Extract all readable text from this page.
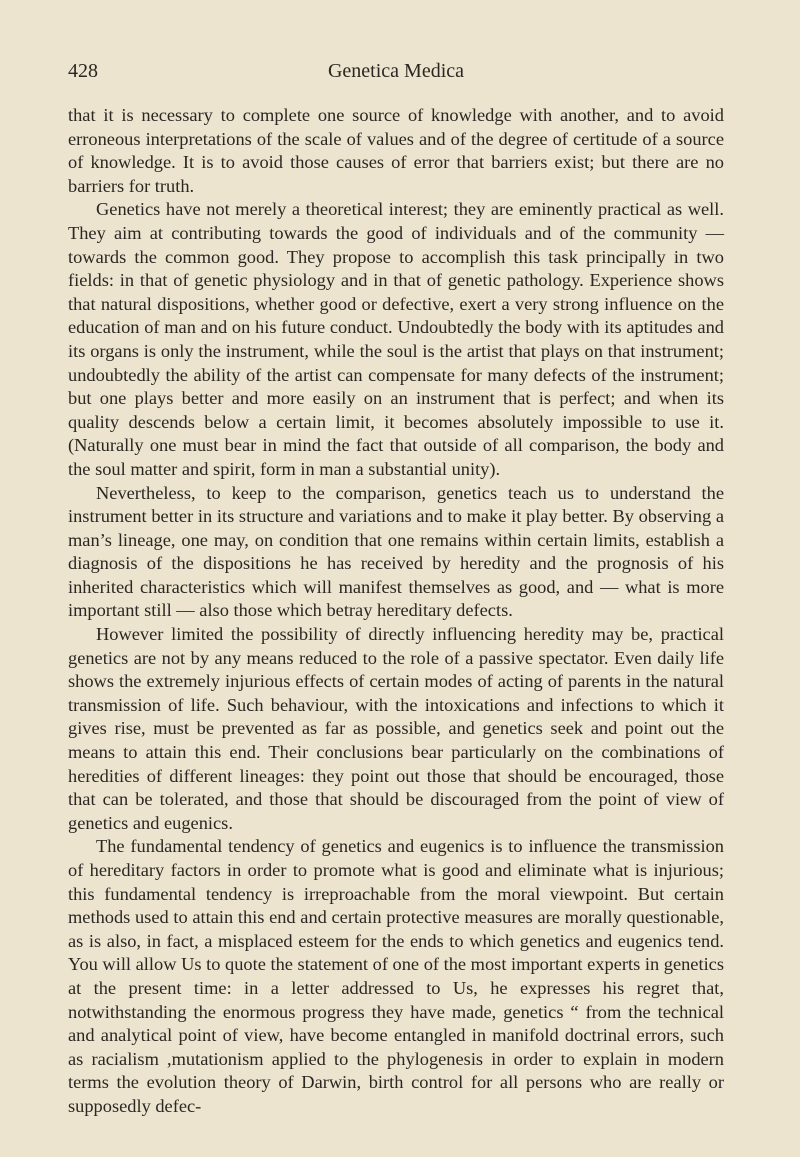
428	Genetica Medica

that it is necessary to complete one source of knowledge with another, and to avoid erroneous interpretations of the scale of values and of the degree of certitude of a source of knowledge. It is to avoid those causes of error that barriers exist; but there are no barriers for truth.

Genetics have not merely a theoretical interest; they are eminently practical as well. They aim at contributing towards the good of individuals and of the community — towards the common good. They propose to accomplish this task principally in two fields: in that of genetic physiology and in that of genetic pathology. Experience shows that natural dispositions, whether good or defective, exert a very strong influence on the education of man and on his future conduct. Undoubtedly the body with its aptitudes and its organs is only the instrument, while the soul is the artist that plays on that instrument; undoubtedly the ability of the artist can compensate for many defects of the instrument; but one plays better and more easily on an instrument that is perfect; and when its quality descends below a certain limit, it becomes absolutely impossible to use it. (Naturally one must bear in mind the fact that outside of all comparison, the body and the soul matter and spirit, form in man a substantial unity).

Nevertheless, to keep to the comparison, genetics teach us to understand the instrument better in its structure and variations and to make it play better. By observing a man’s lineage, one may, on condition that one remains within certain limits, establish a diagnosis of the dispositions he has received by heredity and the prognosis of his inherited characteristics which will manifest themselves as good, and — what is more important still — also those which betray hereditary defects.

However limited the possibility of directly influencing heredity may be, practical genetics are not by any means reduced to the role of a passive spectator. Even daily life shows the extremely injurious effects of certain modes of acting of parents in the natural transmission of life. Such behaviour, with the intoxications and infections to which it gives rise, must be prevented as far as possible, and genetics seek and point out the means to attain this end. Their conclusions bear particularly on the combinations of heredities of different lineages: they point out those that should be encouraged, those that can be tolerated, and those that should be discouraged from the point of view of genetics and eugenics.

The fundamental tendency of genetics and eugenics is to influence the transmission of hereditary factors in order to promote what is good and eliminate what is injurious; this fundamental tendency is irreproachable from the moral viewpoint. But certain methods used to attain this end and certain protective measures are morally questionable, as is also, in fact, a misplaced esteem for the ends to which genetics and eugenics tend. You will allow Us to quote the statement of one of the most important experts in genetics at the present time: in a letter addressed to Us, he expresses his regret that, notwithstanding the enormous progress they have made, genetics “ from the technical and analytical point of view, have become entangled in manifold doctrinal errors, such as racialism ,mutationism applied to the phylogenesis in order to explain in modern terms the evolution theory of Darwin, birth control for all persons who are really or supposedly defec-
